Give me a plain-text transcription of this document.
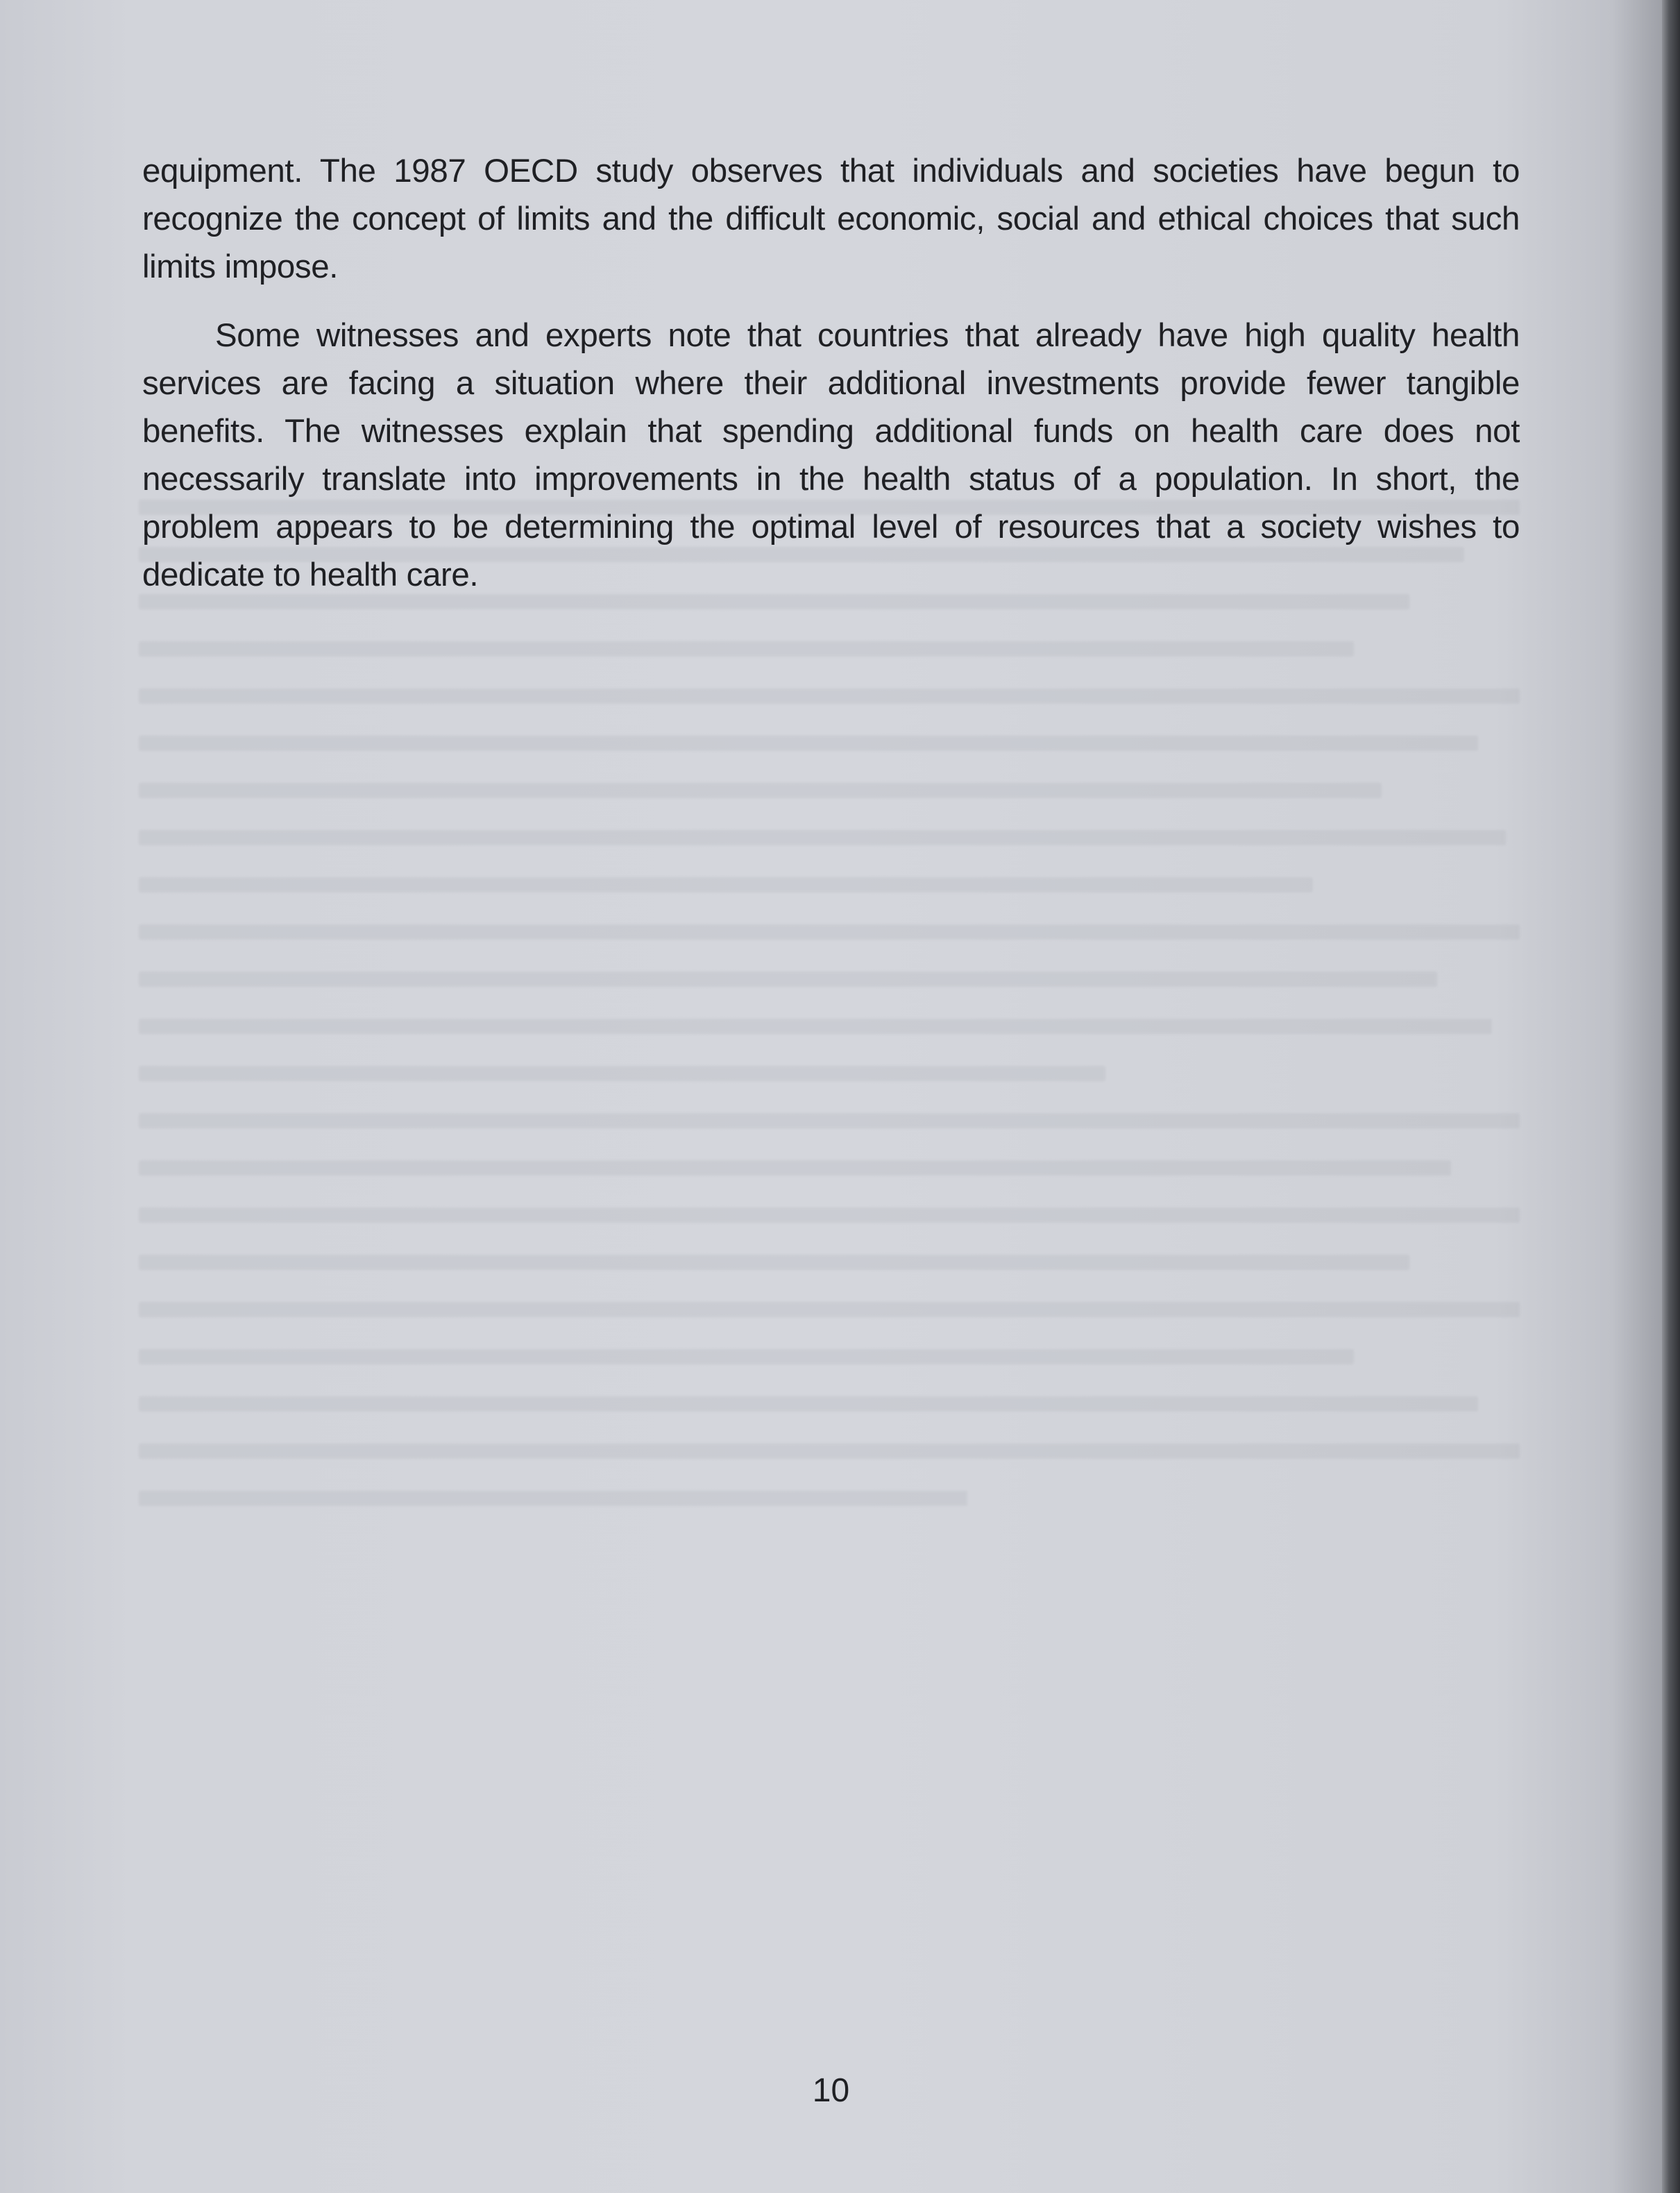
equipment. The 1987 OECD study observes that individuals and societies have begun to recognize the concept of limits and the difficult economic, social and ethical choices that such limits impose.

Some witnesses and experts note that countries that already have high quality health services are facing a situation where their additional investments provide fewer tangible benefits. The witnesses explain that spending additional funds on health care does not necessarily translate into improvements in the health status of a population. In short, the problem appears to be determining the optimal level of resources that a society wishes to dedicate to health care.

10
